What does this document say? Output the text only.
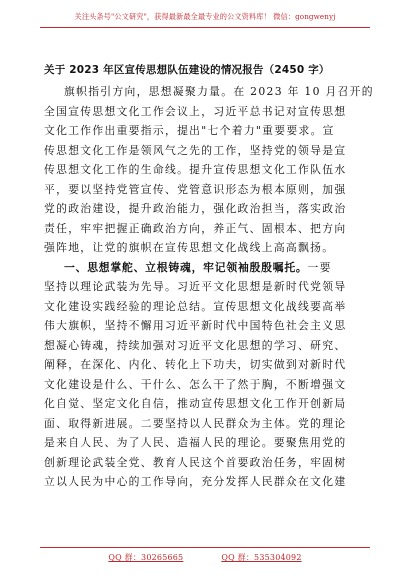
关注头条号"公文研究"，获得最新最全最专业的公文资料库！ 微信：gongwenyj
关于 2023 年区宣传思想队伍建设的情况报告（2450 字）
旗帜指引方向，思想凝聚力量。在 2023 年 10 月召开的
全国宣传思想文化工作会议上，习近平总书记对宣传思想
文化工作作出重要指示，提出"七个着力"重要要求。宣
传思想文化工作是领风气之先的工作，坚持党的领导是宣
传思想文化工作的生命线。提升宣传思想文化工作队伍水
平，要以坚持党管宣传、党管意识形态为根本原则，加强
党的政治建设，提升政治能力，强化政治担当，落实政治
责任，牢牢把握正确政治方向，养正气、固根本、把方向
强阵地，让党的旗帜在宣传思想文化战线上高高飘扬。
一、思想掌舵、立根铸魂，牢记领袖殷殷嘱托。一要
坚持以理论武装为先导。习近平文化思想是新时代党领导
文化建设实践经验的理论总结。宣传思想文化战线要高举
伟大旗帜，坚持不懈用习近平新时代中国特色社会主义思
想凝心铸魂，持续加强对习近平文化思想的学习、研究、
阐释，在深化、内化、转化上下功夫，切实做到对新时代
文化建设是什么、干什么、怎么干了然于胸，不断增强文
化自觉、坚定文化自信，推动宣传思想文化工作开创新局
面、取得新进展。二要坚持以人民群众为主体。党的理论
是来自人民、为了人民、造福人民的理论。要聚焦用党的
创新理论武装全党、教育人民这个首要政治任务，牢固树
立以人民为中心的工作导向，充分发挥人民群众在文化建
QQ 群：30265665	QQ 群：535304092
